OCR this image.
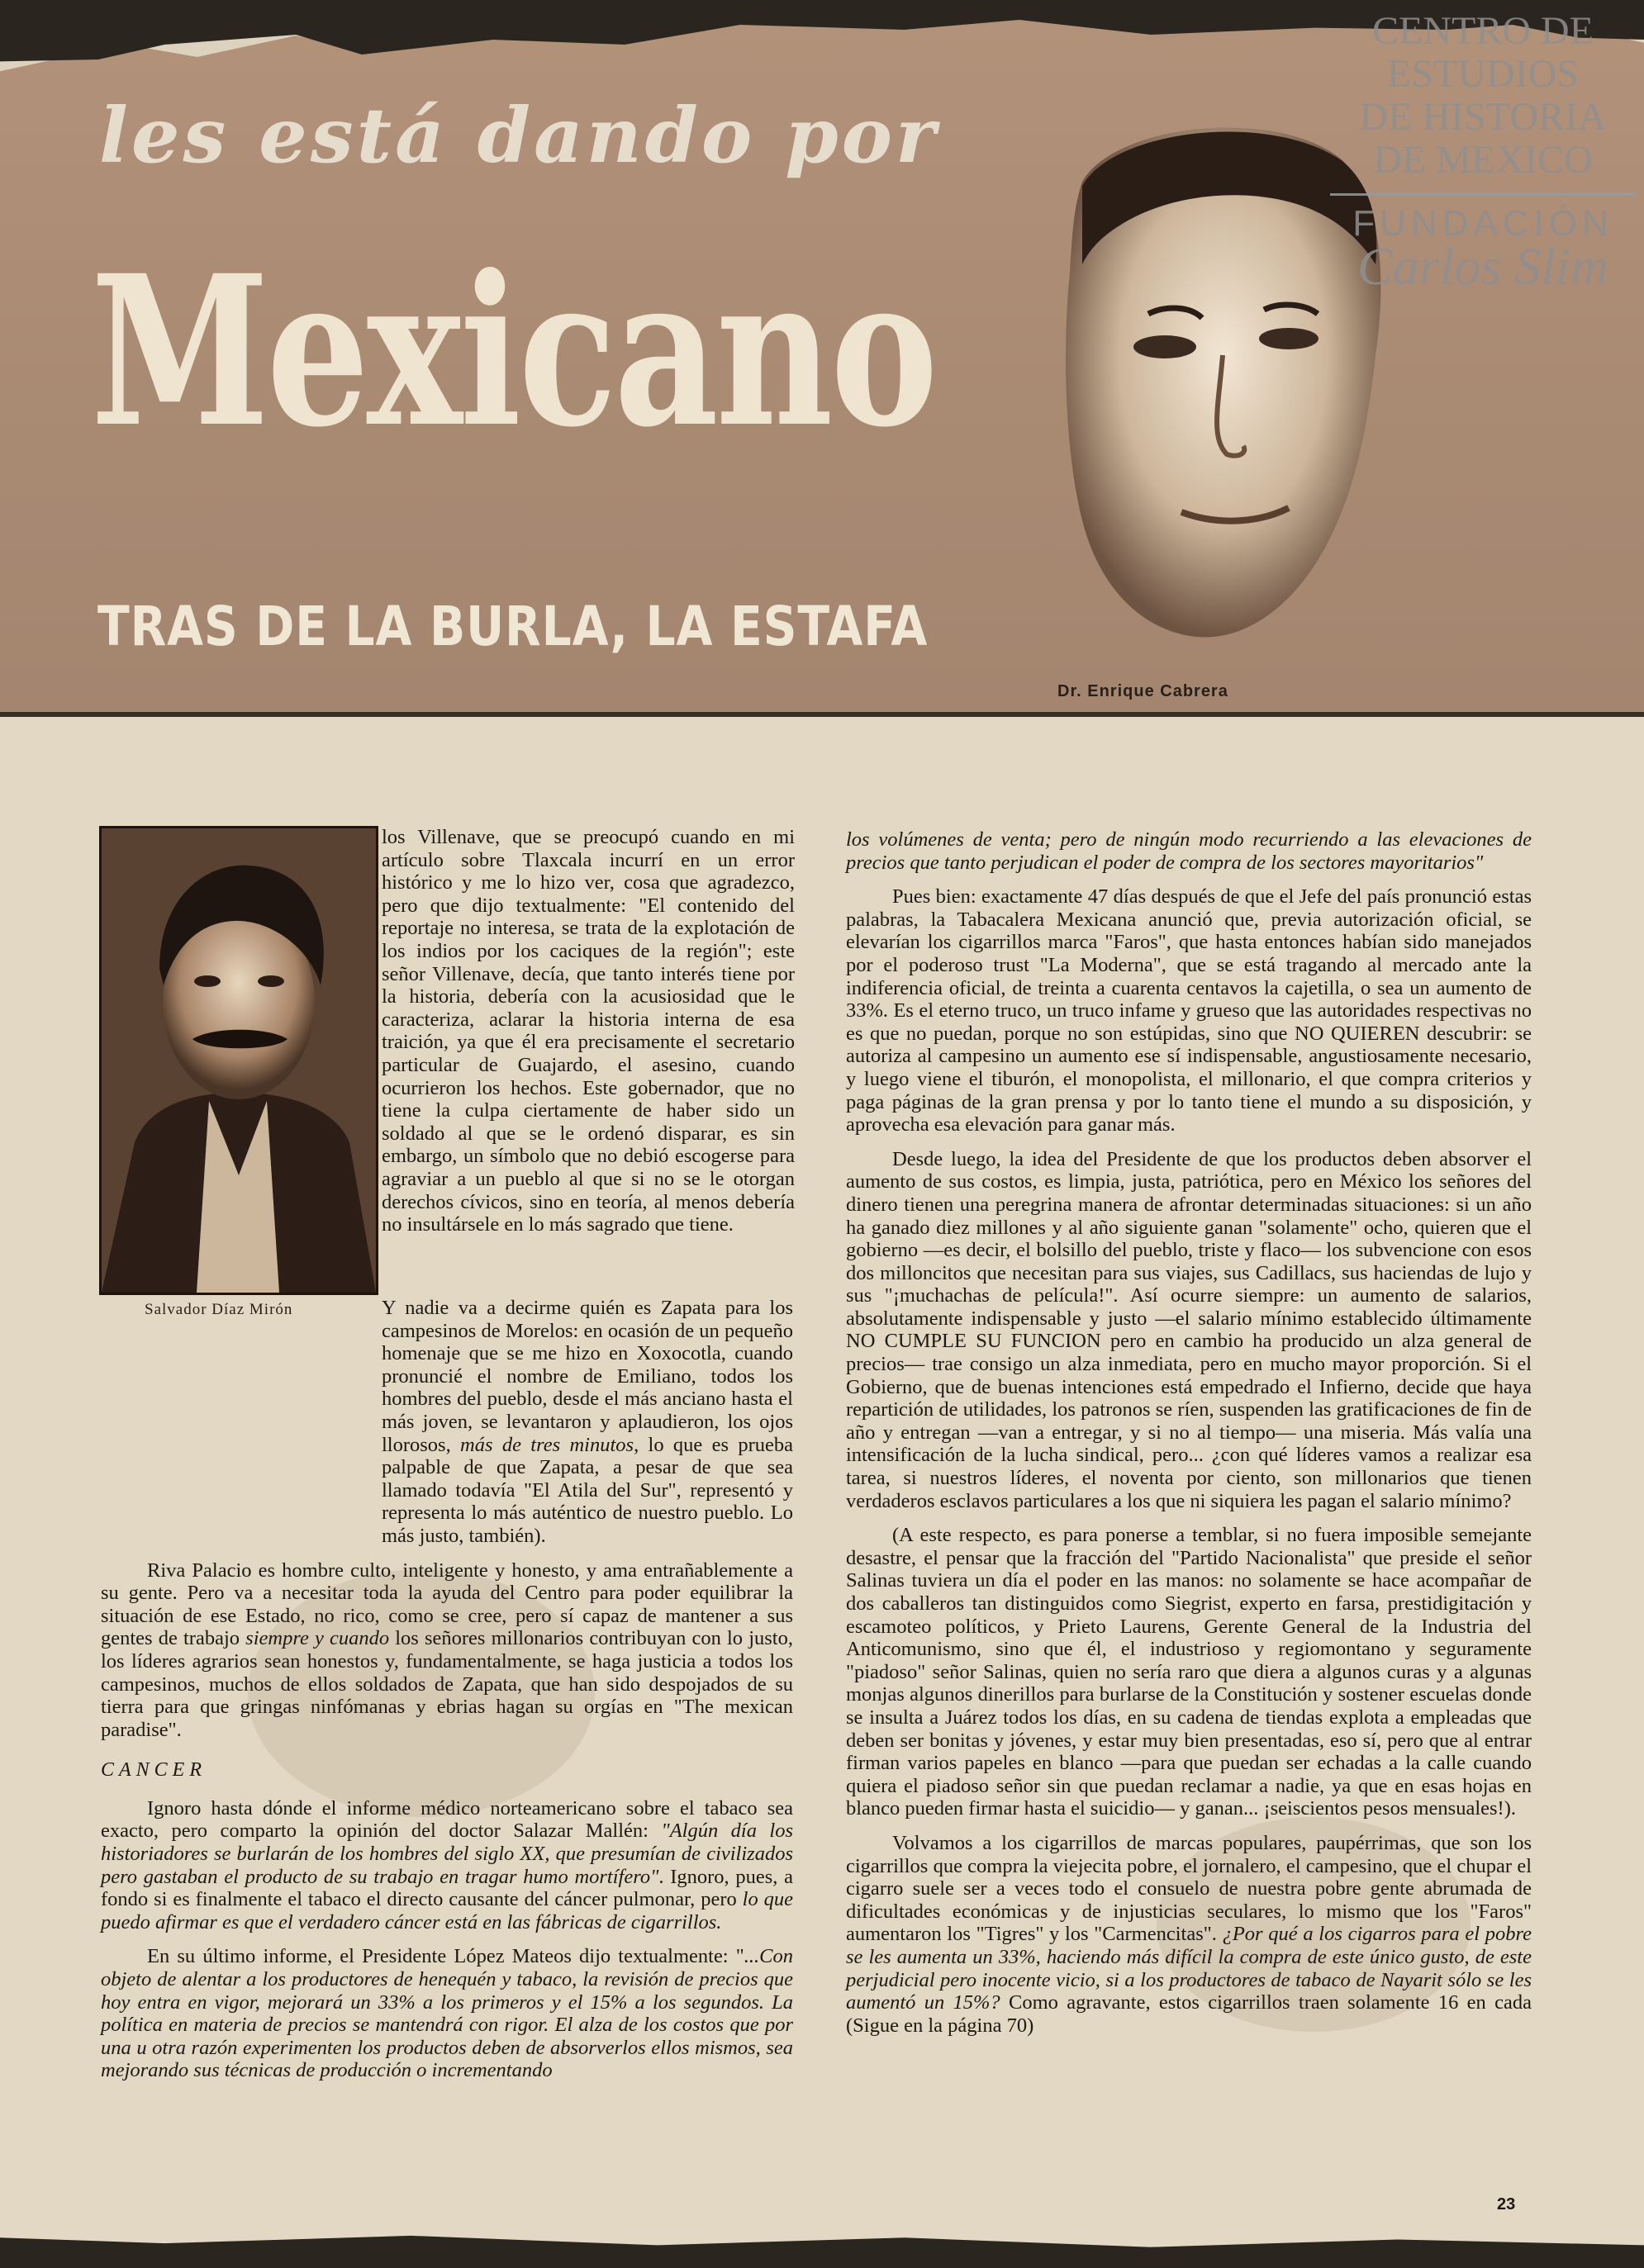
les está dando por
Mexicano
TRAS DE LA BURLA, LA ESTAFA
Dr. Enrique Cabrera
CENTRO DE
ESTUDIOS
DE HISTORIA
DE MEXICO
FUNDACIÓN
Carlos Slim
Salvador Díaz Mirón

los Villenave, que se preocupó cuando en mi artículo sobre Tlaxcala incurrí en un error histórico y me lo hizo ver, cosa que agradezco, pero que dijo textualmente: "El contenido del reportaje no interesa, se trata de la explotación de los indios por los caciques de la región"; este señor Villenave, decía, que tanto interés tiene por la historia, debería con la acusiosidad que le caracteriza, aclarar la historia interna de esa traición, ya que él era precisamente el secretario particular de Guajardo, el asesino, cuando ocurrieron los hechos. Este gobernador, que no tiene la culpa ciertamente de haber sido un soldado al que se le ordenó disparar, es sin embargo, un símbolo que no debió escogerse para agraviar a un pueblo al que si no se le otorgan derechos cívicos, sino en teoría, al menos debería no insultársele en lo más sagrado que tiene.

Y nadie va a decirme quién es Zapata para los campesinos de Morelos: en ocasión de un pequeño homenaje que se me hizo en Xoxocotla, cuando pronuncié el nombre de Emiliano, todos los hombres del pueblo, desde el más anciano hasta el más joven, se levantaron y aplaudieron, los ojos llorosos, más de tres minutos, lo que es prueba palpable de que Zapata, a pesar de que sea llamado todavía "El Atila del Sur", representó y representa lo más auténtico de nuestro pueblo. Lo más justo, también).

Riva Palacio es hombre culto, inteligente y honesto, y ama entrañablemente a su gente. Pero va a necesitar toda la ayuda del Centro para poder equilibrar la situación de ese Estado, no rico, como se cree, pero sí capaz de mantener a sus gentes de trabajo siempre y cuando los señores millonarios contribuyan con lo justo, los líderes agrarios sean honestos y, fundamentalmente, se haga justicia a todos los campesinos, muchos de ellos soldados de Zapata, que han sido despojados de su tierra para que gringas ninfómanas y ebrias hagan su orgías en "The mexican paradise".

CANCER

Ignoro hasta dónde el informe médico norteamericano sobre el tabaco sea exacto, pero comparto la opinión del doctor Salazar Mallén: "Algún día los historiadores se burlarán de los hombres del siglo XX, que presumían de civilizados pero gastaban el producto de su trabajo en tragar humo mortífero". Ignoro, pues, a fondo si es finalmente el tabaco el directo causante del cáncer pulmonar, pero lo que puedo afirmar es que el verdadero cáncer está en las fábricas de cigarrillos.

En su último informe, el Presidente López Mateos dijo textualmente: "...Con objeto de alentar a los productores de henequén y tabaco, la revisión de precios que hoy entra en vigor, mejorará un 33% a los primeros y el 15% a los segundos. La política en materia de precios se mantendrá con rigor. El alza de los costos que por una u otra razón experimenten los productos deben de absorverlos ellos mismos, sea mejorando sus técnicas de producción o incrementando

los volúmenes de venta; pero de ningún modo recurriendo a las elevaciones de precios que tanto perjudican el poder de compra de los sectores mayoritarios"

Pues bien: exactamente 47 días después de que el Jefe del país pronunció estas palabras, la Tabacalera Mexicana anunció que, previa autorización oficial, se elevarían los cigarrillos marca "Faros", que hasta entonces habían sido manejados por el poderoso trust "La Moderna", que se está tragando al mercado ante la indiferencia oficial, de treinta a cuarenta centavos la cajetilla, o sea un aumento de 33%. Es el eterno truco, un truco infame y grueso que las autoridades respectivas no es que no puedan, porque no son estúpidas, sino que NO QUIEREN descubrir: se autoriza al campesino un aumento ese sí indispensable, angustiosamente necesario, y luego viene el tiburón, el monopolista, el millonario, el que compra criterios y paga páginas de la gran prensa y por lo tanto tiene el mundo a su disposición, y aprovecha esa elevación para ganar más.

Desde luego, la idea del Presidente de que los productos deben absorver el aumento de sus costos, es limpia, justa, patriótica, pero en México los señores del dinero tienen una peregrina manera de afrontar determinadas situaciones: si un año ha ganado diez millones y al año siguiente ganan "solamente" ocho, quieren que el gobierno —es decir, el bolsillo del pueblo, triste y flaco— los subvencione con esos dos milloncitos que necesitan para sus viajes, sus Cadillacs, sus haciendas de lujo y sus "¡muchachas de película!". Así ocurre siempre: un aumento de salarios, absolutamente indispensable y justo —el salario mínimo establecido últimamente NO CUMPLE SU FUNCION pero en cambio ha producido un alza general de precios— trae consigo un alza inmediata, pero en mucho mayor proporción. Si el Gobierno, que de buenas intenciones está empedrado el Infierno, decide que haya repartición de utilidades, los patronos se ríen, suspenden las gratificaciones de fin de año y entregan —van a entregar, y si no al tiempo— una miseria. Más valía una intensificación de la lucha sindical, pero... ¿con qué líderes vamos a realizar esa tarea, si nuestros líderes, el noventa por ciento, son millonarios que tienen verdaderos esclavos particulares a los que ni siquiera les pagan el salario mínimo?

(A este respecto, es para ponerse a temblar, si no fuera imposible semejante desastre, el pensar que la fracción del "Partido Nacionalista" que preside el señor Salinas tuviera un día el poder en las manos: no solamente se hace acompañar de dos caballeros tan distinguidos como Siegrist, experto en farsa, prestidigitación y escamoteo políticos, y Prieto Laurens, Gerente General de la Industria del Anticomunismo, sino que él, el industrioso y regiomontano y seguramente "piadoso" señor Salinas, quien no sería raro que diera a algunos curas y a algunas monjas algunos dinerillos para burlarse de la Constitución y sostener escuelas donde se insulta a Juárez todos los días, en su cadena de tiendas explota a empleadas que deben ser bonitas y jóvenes, y estar muy bien presentadas, eso sí, pero que al entrar firman varios papeles en blanco —para que puedan ser echadas a la calle cuando quiera el piadoso señor sin que puedan reclamar a nadie, ya que en esas hojas en blanco pueden firmar hasta el suicidio— y ganan... ¡seiscientos pesos mensuales!).

Volvamos a los cigarrillos de marcas populares, paupérrimas, que son los cigarrillos que compra la viejecita pobre, el jornalero, el campesino, que el chupar el cigarro suele ser a veces todo el consuelo de nuestra pobre gente abrumada de dificultades económicas y de injusticias seculares, lo mismo que los "Faros" aumentaron los "Tigres" y los "Carmencitas". ¿Por qué a los cigarros para el pobre se les aumenta un 33%, haciendo más difícil la compra de este único gusto, de este perjudicial pero inocente vicio, si a los productores de tabaco de Nayarit sólo se les aumentó un 15%? Como agravante, estos cigarrillos traen solamente 16 en cada (Sigue en la página 70)

23
